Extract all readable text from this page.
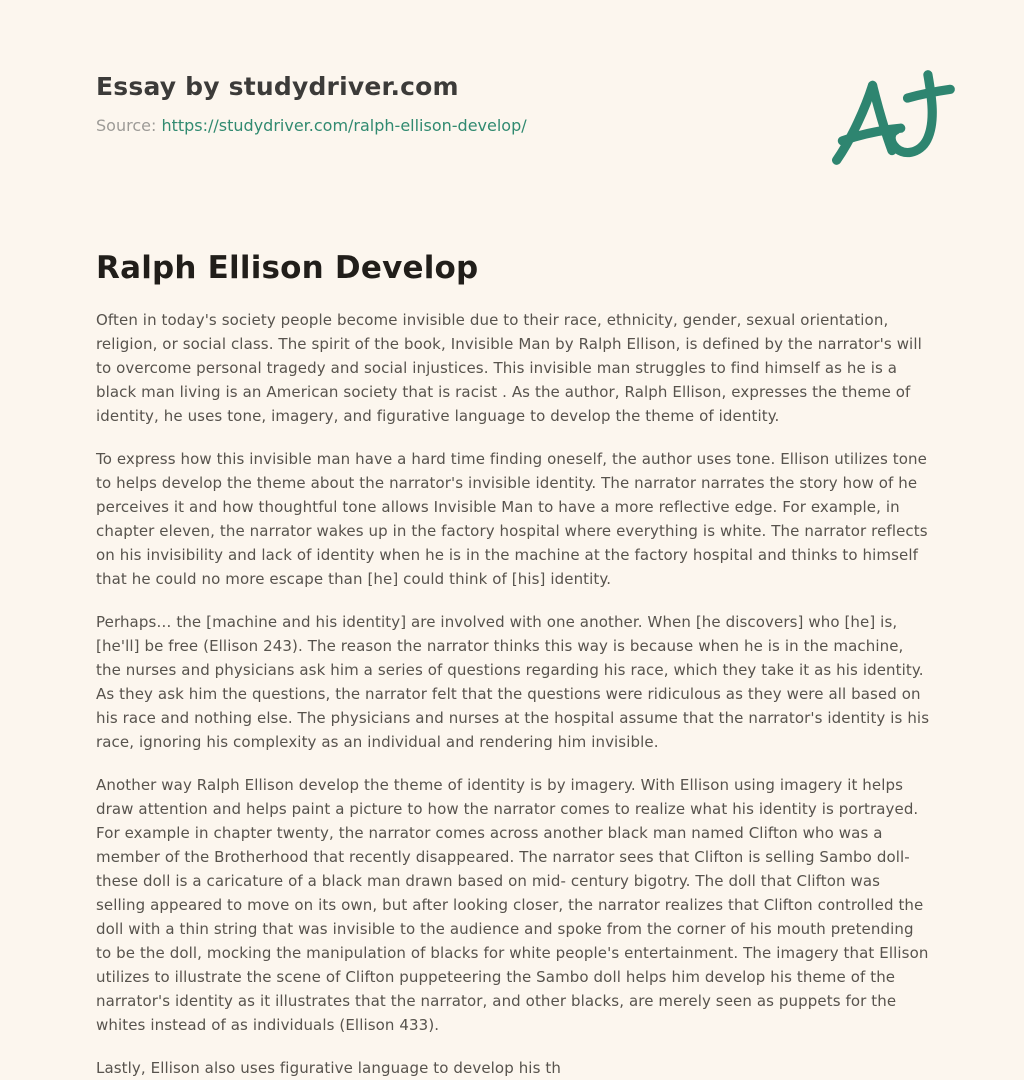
Essay by studydriver.com
Source: https://studydriver.com/ralph-ellison-develop/
Ralph Ellison Develop

Often in today's society people become invisible due to their race, ethnicity, gender, sexual orientation, religion, or social class. The spirit of the book, Invisible Man by Ralph Ellison, is defined by the narrator's will to overcome personal tragedy and social injustices. This invisible man struggles to find himself as he is a black man living is an American society that is racist . As the author, Ralph Ellison, expresses the theme of identity, he uses tone, imagery, and figurative language to develop the theme of identity.

To express how this invisible man have a hard time finding oneself, the author uses tone. Ellison utilizes tone to helps develop the theme about the narrator's invisible identity. The narrator narrates the story how of he perceives it and how thoughtful tone allows Invisible Man to have a more reflective edge. For example, in chapter eleven, the narrator wakes up in the factory hospital where everything is white. The narrator reflects on his invisibility and lack of identity when he is in the machine at the factory hospital and thinks to himself that he could no more escape than [he] could think of [his] identity.

Perhaps… the [machine and his identity] are involved with one another. When [he discovers] who [he] is, [he'll] be free (Ellison 243). The reason the narrator thinks this way is because when he is in the machine, the nurses and physicians ask him a series of questions regarding his race, which they take it as his identity. As they ask him the questions, the narrator felt that the questions were ridiculous as they were all based on his race and nothing else. The physicians and nurses at the hospital assume that the narrator's identity is his race, ignoring his complexity as an individual and rendering him invisible.

Another way Ralph Ellison develop the theme of identity is by imagery. With Ellison using imagery it helps draw attention and helps paint a picture to how the narrator comes to realize what his identity is portrayed. For example in chapter twenty, the narrator comes across another black man named Clifton who was a member of the Brotherhood that recently disappeared. The narrator sees that Clifton is selling Sambo doll- these doll is a caricature of a black man drawn based on mid- century bigotry. The doll that Clifton was selling appeared to move on its own, but after looking closer, the narrator realizes that Clifton controlled the doll with a thin string that was invisible to the audience and spoke from the corner of his mouth pretending to be the doll, mocking the manipulation of blacks for white people's entertainment. The imagery that Ellison utilizes to illustrate the scene of Clifton puppeteering the Sambo doll helps him develop his theme of the narrator's identity as it illustrates that the narrator, and other blacks, are merely seen as puppets for the whites instead of as individuals (Ellison 433).

Lastly, Ellison also uses figurative language to develop his th
